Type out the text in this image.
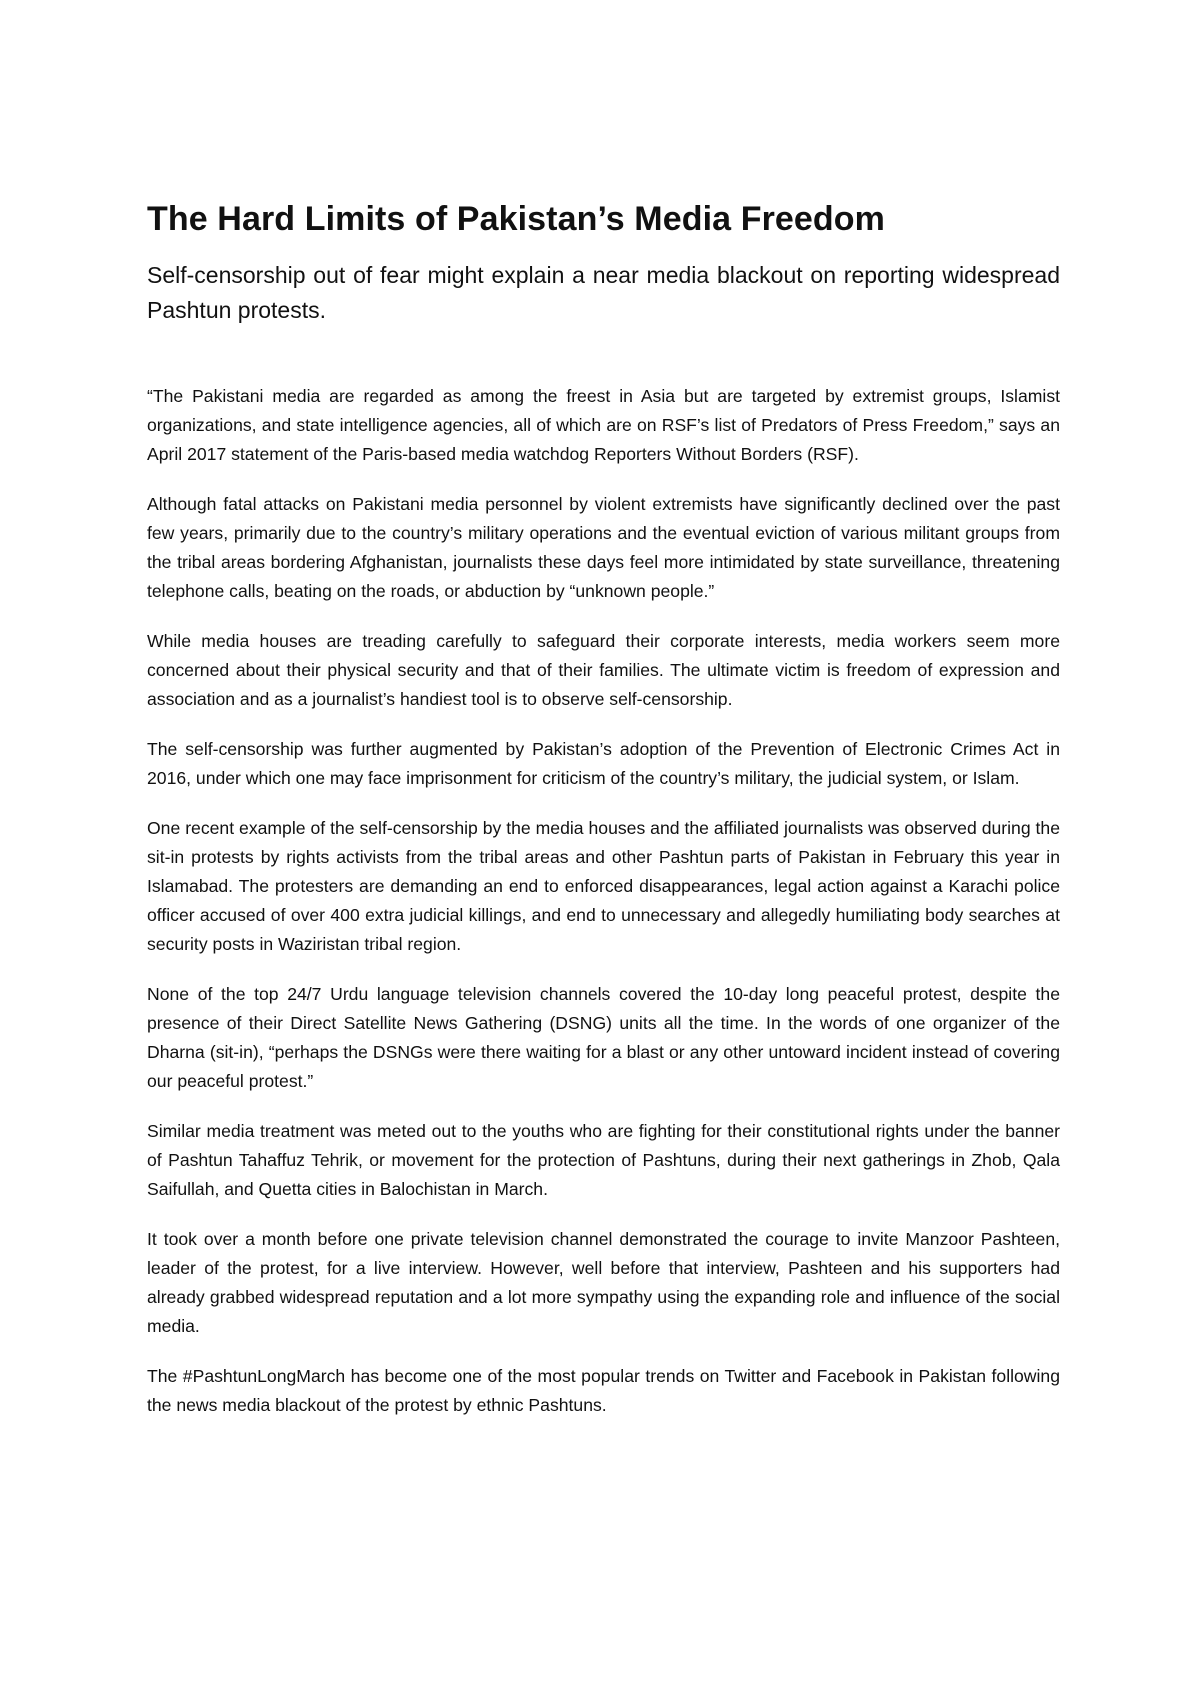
The Hard Limits of Pakistan’s Media Freedom

Self-censorship out of fear might explain a near media blackout on reporting widespread Pashtun protests.

“The Pakistani media are regarded as among the freest in Asia but are targeted by extremist groups, Islamist organizations, and state intelligence agencies, all of which are on RSF’s list of Predators of Press Freedom,” says an April 2017 statement of the Paris-based media watchdog Reporters Without Borders (RSF).

Although fatal attacks on Pakistani media personnel by violent extremists have significantly declined over the past few years, primarily due to the country’s military operations and the eventual eviction of various militant groups from the tribal areas bordering Afghanistan, journalists these days feel more intimidated by state surveillance, threatening telephone calls, beating on the roads, or abduction by “unknown people.”

While media houses are treading carefully to safeguard their corporate interests, media workers seem more concerned about their physical security and that of their families. The ultimate victim is freedom of expression and association and as a journalist’s handiest tool is to observe self-censorship.

The self-censorship was further augmented by Pakistan’s adoption of the Prevention of Electronic Crimes Act in 2016, under which one may face imprisonment for criticism of the country’s military, the judicial system, or Islam.

One recent example of the self-censorship by the media houses and the affiliated journalists was observed during the sit-in protests by rights activists from the tribal areas and other Pashtun parts of Pakistan in February this year in Islamabad. The protesters are demanding an end to enforced disappearances, legal action against a Karachi police officer accused of over 400 extra judicial killings, and end to unnecessary and allegedly humiliating body searches at security posts in Waziristan tribal region.

None of the top 24/7 Urdu language television channels covered the 10-day long peaceful protest, despite the presence of their Direct Satellite News Gathering (DSNG) units all the time. In the words of one organizer of the Dharna (sit-in), “perhaps the DSNGs were there waiting for a blast or any other untoward incident instead of covering our peaceful protest.”

Similar media treatment was meted out to the youths who are fighting for their constitutional rights under the banner of Pashtun Tahaffuz Tehrik, or movement for the protection of Pashtuns, during their next gatherings in Zhob, Qala Saifullah, and Quetta cities in Balochistan in March.

It took over a month before one private television channel demonstrated the courage to invite Manzoor Pashteen, leader of the protest, for a live interview. However, well before that interview, Pashteen and his supporters had already grabbed widespread reputation and a lot more sympathy using the expanding role and influence of the social media.

The #PashtunLongMarch has become one of the most popular trends on Twitter and Facebook in Pakistan following the news media blackout of the protest by ethnic Pashtuns.
